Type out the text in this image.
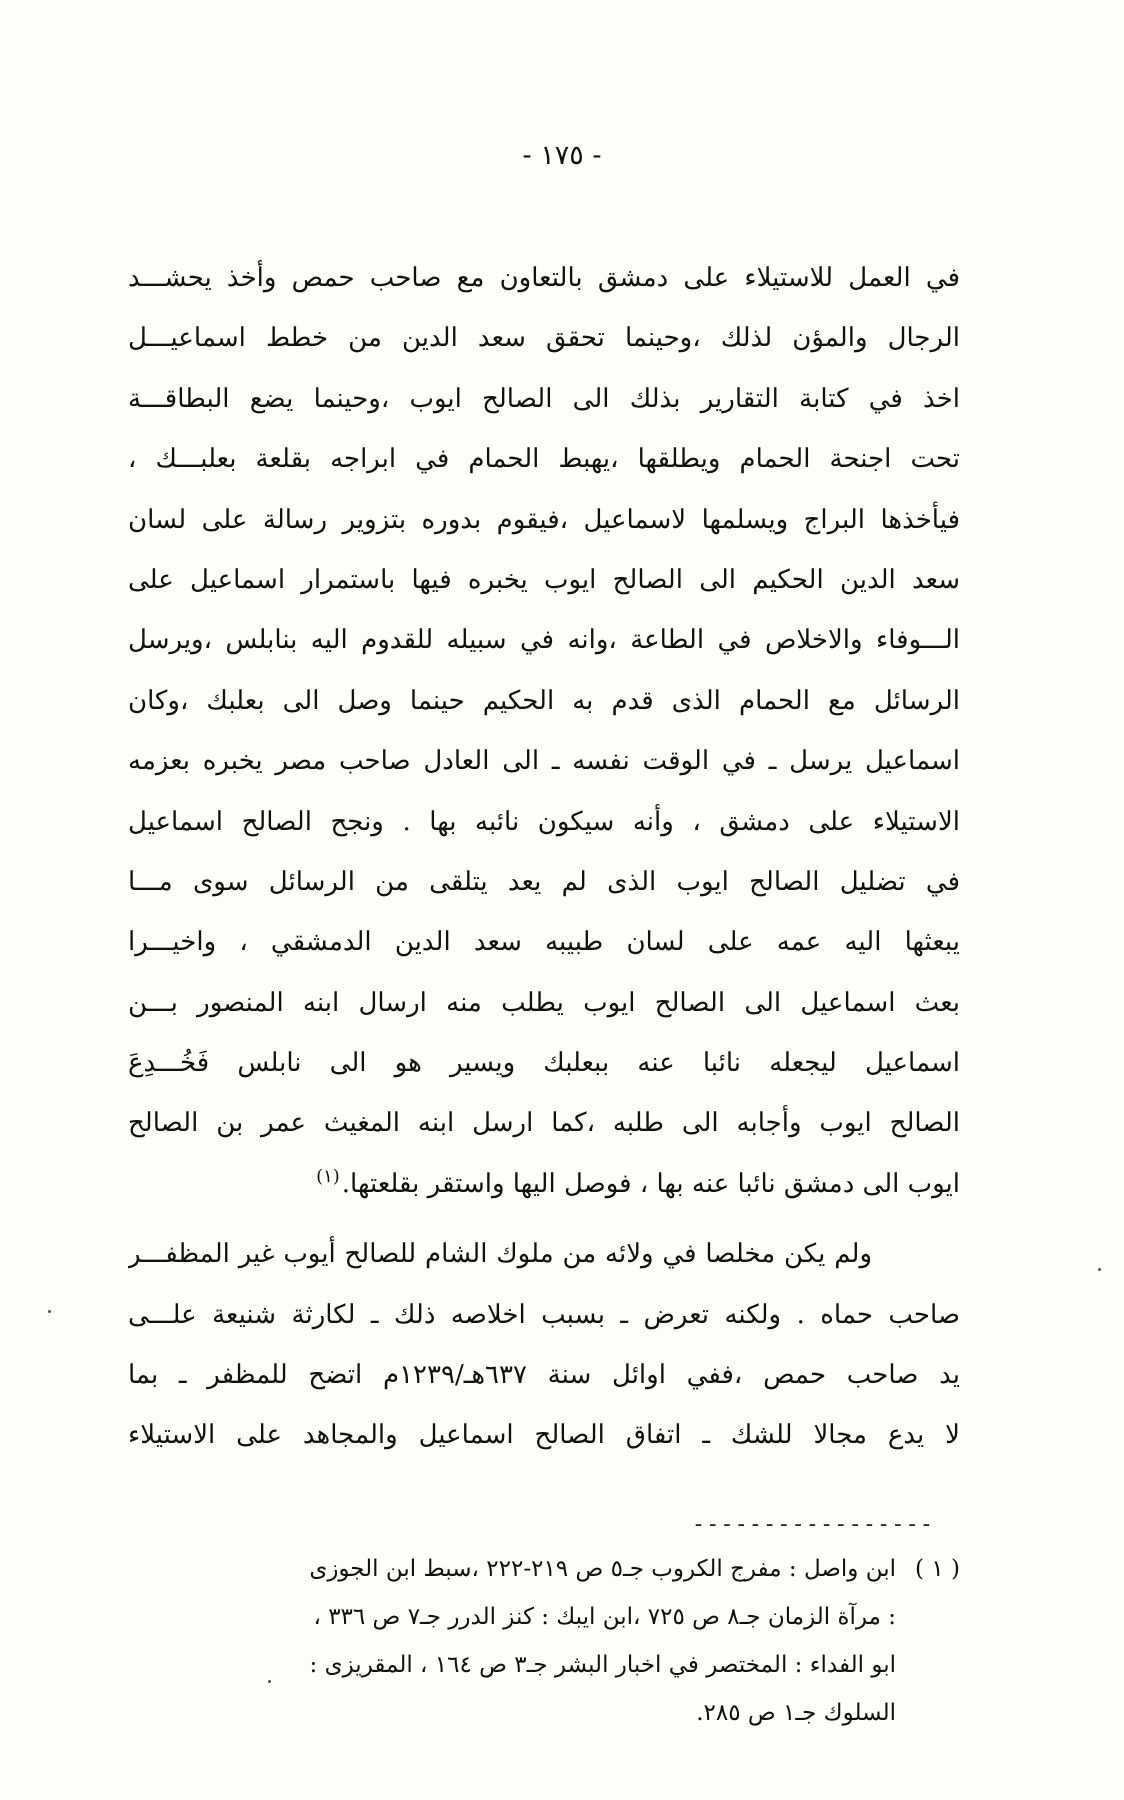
- ١٧٥ -
في العمل للاستيلاء على دمشق بالتعاون مع صاحب حمص وأخذ يحشـــد
الرجال والمؤن لذلك ،وحينما تحقق سعد الدين من خطط اسماعيـــل
اخذ في كتابة التقارير بذلك الى الصالح ايوب ،وحينما يضع البطاقـــة
تحت اجنحة الحمام ويطلقها ،يهبط الحمام في ابراجه بقلعة بعلبـــك ،
فيأخذها البراج ويسلمها لاسماعيل ،فيقوم بدوره بتزوير رسالة على لسان
سعد الدين الحكيم الى الصالح ايوب يخبره فيها باستمرار اسماعيل على
الـــوفاء والاخلاص في الطاعة ،وانه في سبيله للقدوم اليه بنابلس ،ويرسل
الرسائل مع الحمام الذى قدم به الحكيم حينما وصل الى بعلبك ،وكان
اسماعيل يرسل ـ في الوقت نفسه ـ الى العادل صاحب مصر يخبره بعزمه
الاستيلاء على دمشق ، وأنه سيكون نائبه بها . ونجح الصالح اسماعيل
في تضليل الصالح ايوب الذى لم يعد يتلقى من الرسائل سوى مـــا
يبعثها اليه عمه على لسان طبيبه سعد الدين الدمشقي ، واخيـــرا
بعث اسماعيل الى الصالح ايوب يطلب منه ارسال ابنه المنصور بـــن
اسماعيل ليجعله نائبا عنه ببعلبك ويسير هو الى نابلس فَخُـــدِعَ
الصالح ايوب وأجابه الى طلبه ،كما ارسل ابنه المغيث عمر بن الصالح
ايوب الى دمشق نائبا عنه بها ، فوصل اليها واستقر بقلعتها.(١)
ولم يكن مخلصا في ولائه من ملوك الشام للصالح أيوب غير المظفـــر
صاحب حماه . ولكنه تعرض ـ بسبب اخلاصه ذلك ـ لكارثة شنيعة علـــى
يد صاحب حمص ،ففي اوائل سنة ٦٣٧هـ/١٢٣٩م اتضح للمظفر ـ بما
لا يدع مجالا للشك ـ اتفاق الصالح اسماعيل والمجاهد على الاستيلاء
-----------------
( ١ )ابن واصل : مفرج الكروب جـ٥ ص ٢١٩-٢٢٢ ،سبط ابن الجوزى
: مرآة الزمان جـ٨ ص ٧٢٥ ،ابن ايبك : كنز الدرر جـ٧ ص ٣٣٦ ،
ابو الفداء : المختصر في اخبار البشر جـ٣ ص ١٦٤ ، المقريزى :
السلوك جـ١ ص ٢٨٥.
